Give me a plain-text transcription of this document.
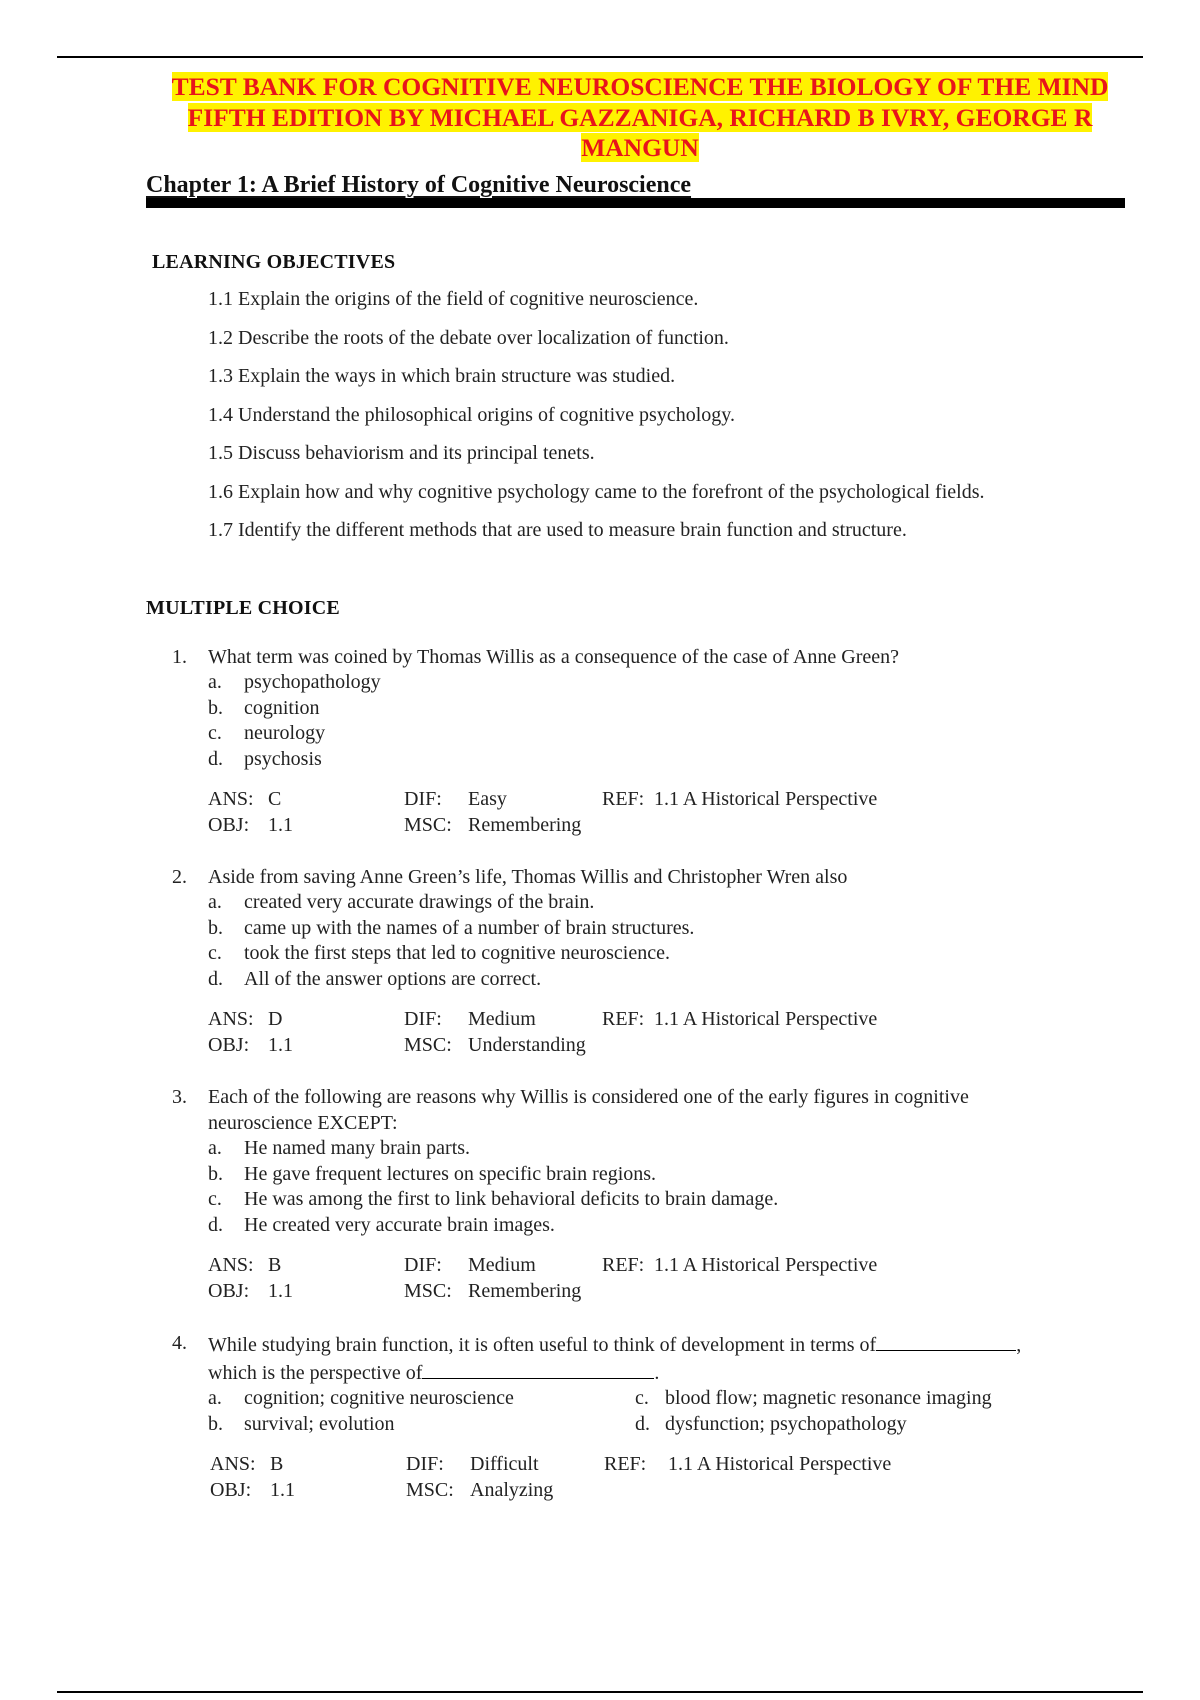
TEST BANK FOR COGNITIVE NEUROSCIENCE THE BIOLOGY OF THE MIND
FIFTH EDITION BY MICHAEL GAZZANIGA, RICHARD B IVRY, GEORGE R
MANGUN
Chapter 1: A Brief History of Cognitive Neuroscience
LEARNING OBJECTIVES
1.1 Explain the origins of the field of cognitive neuroscience.
1.2 Describe the roots of the debate over localization of function.
1.3 Explain the ways in which brain structure was studied.
1.4 Understand the philosophical origins of cognitive psychology.
1.5 Discuss behaviorism and its principal tenets.
1.6 Explain how and why cognitive psychology came to the forefront of the psychological fields.
1.7 Identify the different methods that are used to measure brain function and structure.
MULTIPLE CHOICE
1.	What term was coined by Thomas Willis as a consequence of the case of Anne Green?
a.	psychopathology
b.	cognition
c.	neurology
d.	psychosis
ANS: C	DIF:	Easy	REF: 1.1 A Historical Perspective
OBJ: 1.1	MSC: Remembering
2.	Aside from saving Anne Green’s life, Thomas Willis and Christopher Wren also
a.	created very accurate drawings of the brain.
b.	came up with the names of a number of brain structures.
c.	took the first steps that led to cognitive neuroscience.
d.	All of the answer options are correct.
ANS: D	DIF:	Medium	REF: 1.1 A Historical Perspective
OBJ: 1.1	MSC: Understanding
3.	Each of the following are reasons why Willis is considered one of the early figures in cognitive neuroscience EXCEPT:
a.	He named many brain parts.
b.	He gave frequent lectures on specific brain regions.
c.	He was among the first to link behavioral deficits to brain damage.
d.	He created very accurate brain images.
ANS: B	DIF:	Medium	REF: 1.1 A Historical Perspective
OBJ: 1.1	MSC: Remembering
4.	While studying brain function, it is often useful to think of development in terms of	,
which is the perspective of	.
a.	cognition; cognitive neuroscience	c. blood flow; magnetic resonance imaging
b.	survival; evolution	d. dysfunction; psychopathology
ANS: B	DIF:	Difficult	REF:	1.1 A Historical Perspective
OBJ: 1.1	MSC: Analyzing
